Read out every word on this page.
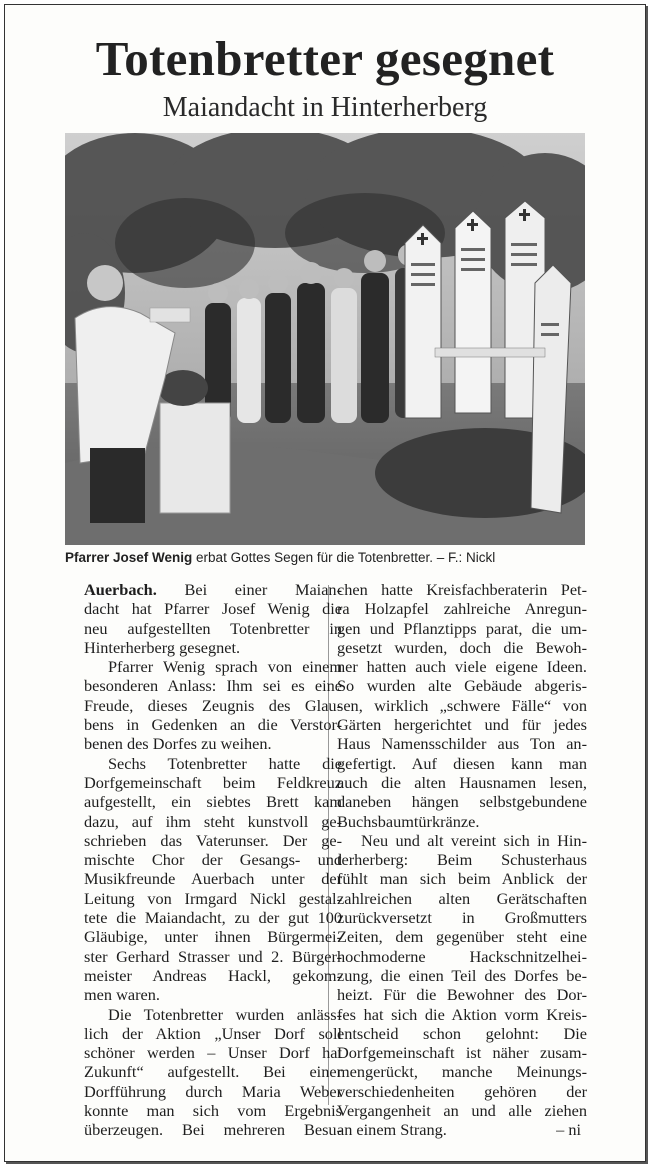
Totenbretter gesegnet
Maiandacht in Hinterherberg
Pfarrer Josef Wenig erbat Gottes Segen für die Totenbretter. – F.: Nickl
Auerbach. Bei einer Maian-
dacht hat Pfarrer Josef Wenig die
neu aufgestellten Totenbretter in
Hinterherberg gesegnet.
Pfarrer Wenig sprach von einem
besonderen Anlass: Ihm sei es eine
Freude, dieses Zeugnis des Glau-
bens in Gedenken an die Verstor-
benen des Dorfes zu weihen.
Sechs Totenbretter hatte die
Dorfgemeinschaft beim Feldkreuz
aufgestellt, ein siebtes Brett kam
dazu, auf ihm steht kunstvoll ge-
schrieben das Vaterunser. Der ge-
mischte Chor der Gesangs- und
Musikfreunde Auerbach unter der
Leitung von Irmgard Nickl gestal-
tete die Maiandacht, zu der gut 100
Gläubige, unter ihnen Bürgermei-
ster Gerhard Strasser und 2. Bürger-
meister Andreas Hackl, gekom-
men waren.
Die Totenbretter wurden anläss-
lich der Aktion „Unser Dorf soll
schöner werden – Unser Dorf hat
Zukunft“ aufgestellt. Bei einer
Dorfführung durch Maria Weber
konnte man sich vom Ergebnis
überzeugen. Bei mehreren Besu-
chen hatte Kreisfachberaterin Pet-
ra Holzapfel zahlreiche Anregun-
gen und Pflanztipps parat, die um-
gesetzt wurden, doch die Bewoh-
ner hatten auch viele eigene Ideen.
So wurden alte Gebäude abgeris-
sen, wirklich „schwere Fälle“ von
Gärten hergerichtet und für jedes
Haus Namensschilder aus Ton an-
gefertigt. Auf diesen kann man
auch die alten Hausnamen lesen,
daneben hängen selbstgebundene
Buchsbaumtürkränze.
Neu und alt vereint sich in Hin-
terherberg: Beim Schusterhaus
fühlt man sich beim Anblick der
zahlreichen alten Gerätschaften
zurückversetzt in Großmutters
Zeiten, dem gegenüber steht eine
hochmoderne Hackschnitzelhei-
zung, die einen Teil des Dorfes be-
heizt. Für die Bewohner des Dor-
fes hat sich die Aktion vorm Kreis-
entscheid schon gelohnt: Die
Dorfgemeinschaft ist näher zusam-
mengerückt, manche Meinungs-
verschiedenheiten gehören der
Vergangenheit an und alle ziehen
an einem Strang.	– ni
